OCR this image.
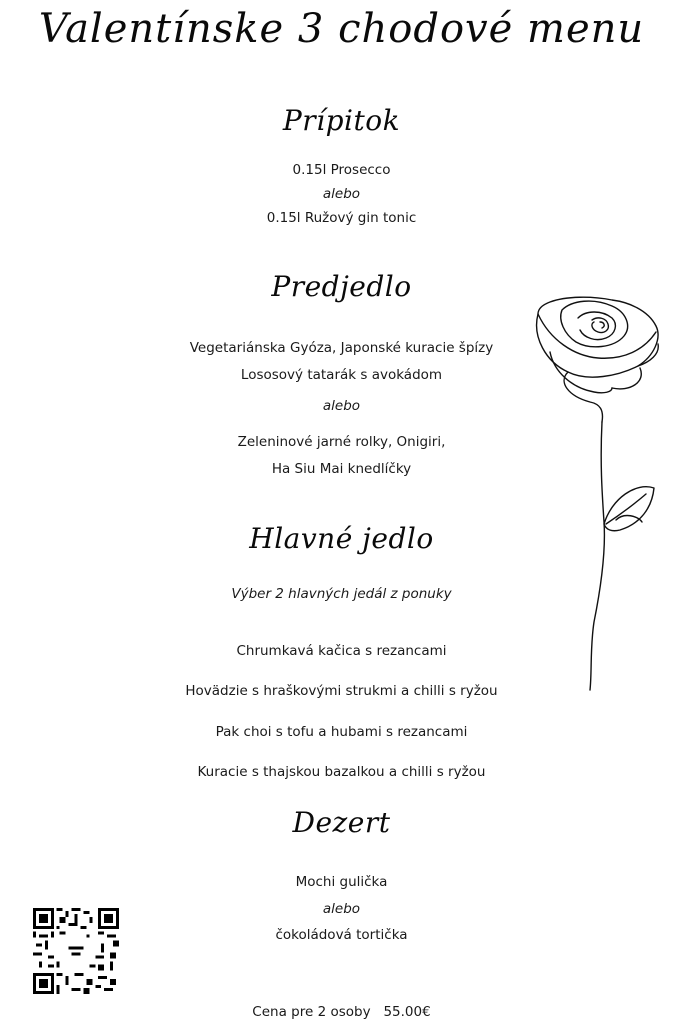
Valentínske 3 chodové menu
Prípitok
0.15l Prosecco
alebo
0.15l Ružový gin tonic
Predjedlo
Vegetariánska Gyóza, Japonské kuracie špízy
Lososový tatarák s avokádom
alebo
Zeleninové jarné rolky, Onigiri,
Ha Siu Mai knedlíčky
Hlavné jedlo
Výber 2 hlavných jedál z ponuky
Chrumkavá kačica s rezancami
Hovädzie s hraškovými strukmi a chilli s ryžou
Pak choi s tofu a hubami s rezancami
Kuracie s thajskou bazalkou a chilli s ryžou
Dezert
Mochi gulička
alebo
čokoládová tortička
Cena pre 2 osoby 55.00€
